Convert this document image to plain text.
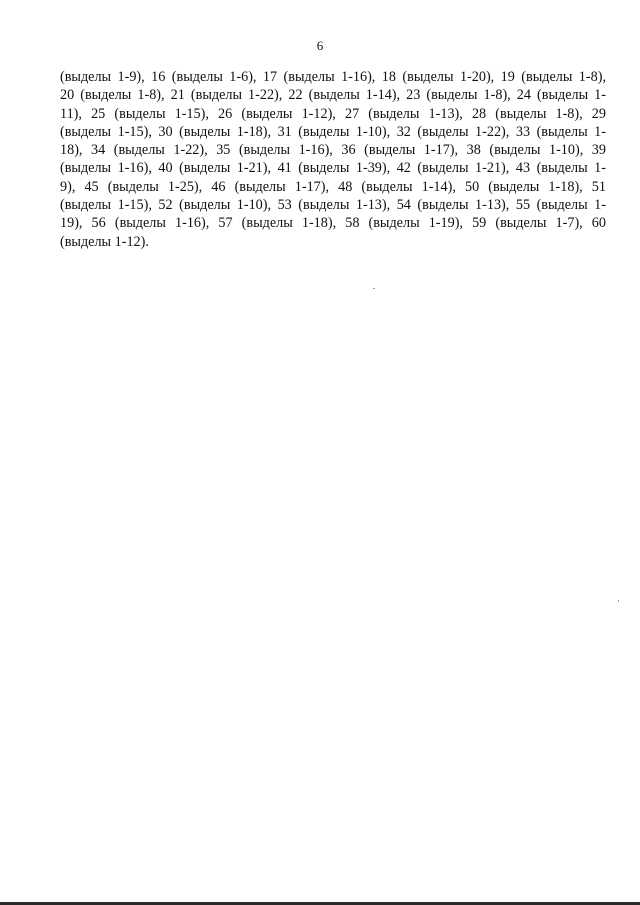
6
(выделы 1-9), 16 (выделы 1-6), 17 (выделы 1-16), 18 (выделы 1-20), 19 (выделы 1-8),
20 (выделы 1-8), 21 (выделы 1-22), 22 (выделы 1-14), 23 (выделы 1-8), 24 (выделы 1-
11), 25 (выделы 1-15), 26 (выделы 1-12), 27 (выделы 1-13), 28 (выделы 1-8), 29
(выделы 1-15), 30 (выделы 1-18), 31 (выделы 1-10), 32 (выделы 1-22), 33 (выделы 1-
18), 34 (выделы 1-22), 35 (выделы 1-16), 36 (выделы 1-17), 38 (выделы 1-10), 39
(выделы 1-16), 40 (выделы 1-21), 41 (выделы 1-39), 42 (выделы 1-21), 43 (выделы 1-
9), 45 (выделы 1-25), 46 (выделы 1-17), 48 (выделы 1-14), 50 (выделы 1-18), 51
(выделы 1-15), 52 (выделы 1-10), 53 (выделы 1-13), 54 (выделы 1-13), 55 (выделы 1-
19), 56 (выделы 1-16), 57 (выделы 1-18), 58 (выделы 1-19), 59 (выделы 1-7), 60
(выделы 1-12).
